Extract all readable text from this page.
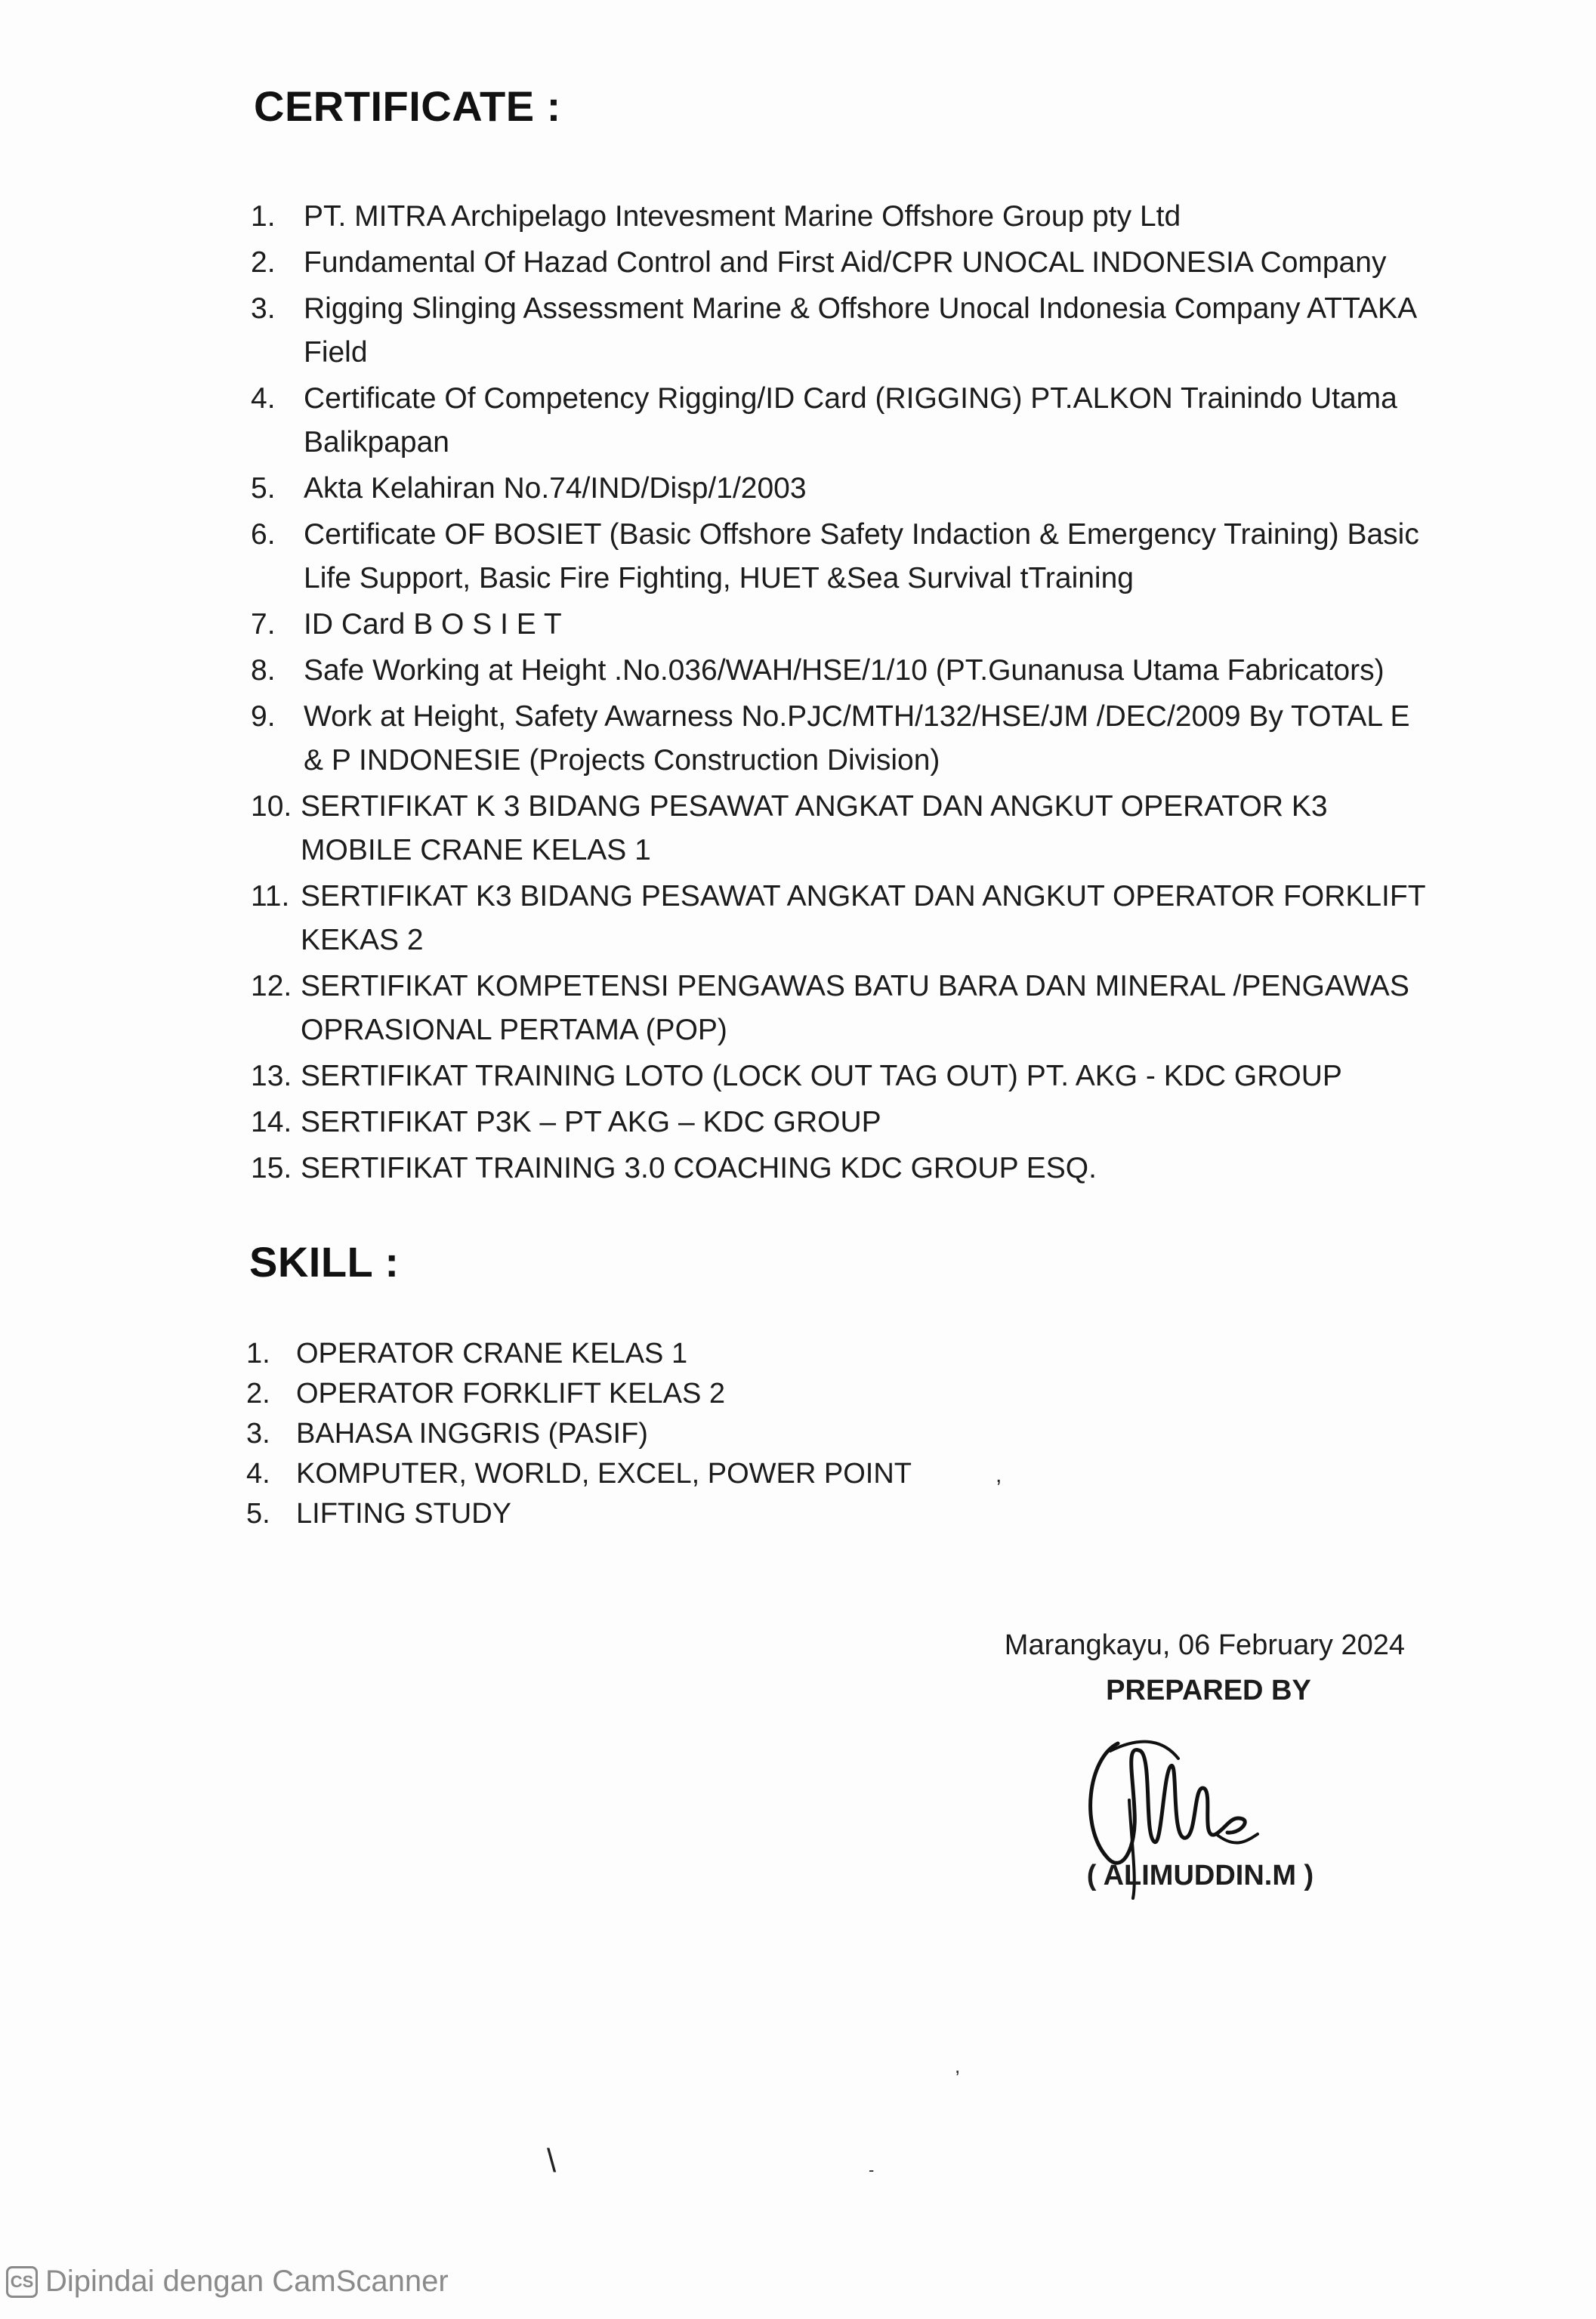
CERTIFICATE :
1. PT. MITRA Archipelago Intevesment Marine Offshore Group pty Ltd
2. Fundamental Of Hazad Control and First Aid/CPR UNOCAL INDONESIA Company
3. Rigging Slinging Assessment Marine & Offshore Unocal Indonesia Company ATTAKA Field
4. Certificate Of Competency Rigging/ID Card (RIGGING) PT.ALKON Trainindo Utama Balikpapan
5. Akta Kelahiran No.74/IND/Disp/1/2003
6. Certificate OF BOSIET (Basic Offshore Safety Indaction & Emergency Training) Basic Life Support, Basic Fire Fighting, HUET &Sea Survival tTraining
7. ID Card B O S I E T
8. Safe Working at Height .No.036/WAH/HSE/1/10 (PT.Gunanusa Utama Fabricators)
9. Work at Height, Safety Awarness No.PJC/MTH/132/HSE/JM /DEC/2009 By TOTAL E & P INDONESIE (Projects Construction Division)
10. SERTIFIKAT K 3 BIDANG PESAWAT ANGKAT DAN ANGKUT OPERATOR K3 MOBILE CRANE KELAS 1
11. SERTIFIKAT K3 BIDANG PESAWAT ANGKAT DAN ANGKUT OPERATOR FORKLIFT KEKAS 2
12. SERTIFIKAT KOMPETENSI PENGAWAS BATU BARA DAN MINERAL /PENGAWAS OPRASIONAL PERTAMA (POP)
13. SERTIFIKAT TRAINING LOTO (LOCK OUT TAG OUT) PT. AKG - KDC GROUP
14. SERTIFIKAT P3K – PT AKG – KDC GROUP
15. SERTIFIKAT TRAINING 3.0 COACHING KDC GROUP ESQ.
SKILL :
1. OPERATOR CRANE KELAS 1
2. OPERATOR FORKLIFT KELAS 2
3. BAHASA INGGRIS (PASIF)
4. KOMPUTER, WORLD, EXCEL, POWER POINT
5. LIFTING STUDY
,
Marangkayu, 06 February 2024
PREPARED BY
( ALIMUDDIN.M )
,
\	-
CS Dipindai dengan CamScanner
